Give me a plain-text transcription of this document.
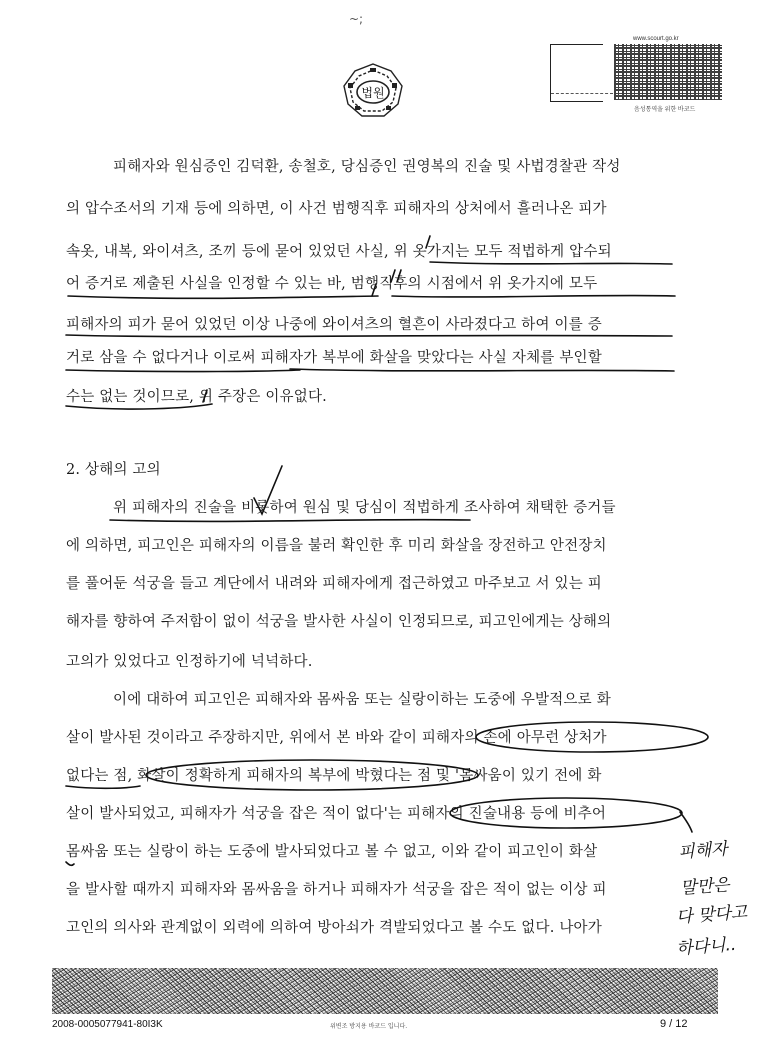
~;
법원
www.scourt.go.kr
음성통역을 위한 바코드
피해자와 원심증인 김덕환, 송철호, 당심증인 권영복의 진술 및 사법경찰관 작성
의 압수조서의 기재 등에 의하면, 이 사건 범행직후 피해자의 상처에서 흘러나온 피가
속옷, 내복, 와이셔츠, 조끼 등에 묻어 있었던 사실, 위 옷가지는 모두 적법하게 압수되
어 증거로 제출된 사실을 인정할 수 있는 바, 범행직후의 시점에서 위 옷가지에 모두
피해자의 피가 묻어 있었던 이상 나중에 와이셔츠의 혈흔이 사라졌다고 하여 이를 증
거로 삼을 수 없다거나 이로써 피해자가 복부에 화살을 맞았다는 사실 자체를 부인할
수는 없는 것이므로, 위 주장은 이유없다.
2. 상해의 고의
위 피해자의 진술을 비롯하여 원심 및 당심이 적법하게 조사하여 채택한 증거들
에 의하면, 피고인은 피해자의 이름을 불러 확인한 후 미리 화살을 장전하고 안전장치
를 풀어둔 석궁을 들고 계단에서 내려와 피해자에게 접근하였고 마주보고 서 있는 피
해자를 향하여 주저함이 없이 석궁을 발사한 사실이 인정되므로, 피고인에게는 상해의
고의가 있었다고 인정하기에 넉넉하다.
이에 대하여 피고인은 피해자와 몸싸움 또는 실랑이하는 도중에 우발적으로 화
살이 발사된 것이라고 주장하지만, 위에서 본 바와 같이 피해자의 손에 아무런 상처가
없다는 점, 화살이 정확하게 피해자의 복부에 박혔다는 점 및 '몸싸움이 있기 전에 화
살이 발사되었고, 피해자가 석궁을 잡은 적이 없다'는 피해자의 진술내용 등에 비추어
몸싸움 또는 실랑이 하는 도중에 발사되었다고 볼 수 없고, 이와 같이 피고인이 화살
을 발사할 때까지 피해자와 몸싸움을 하거나 피해자가 석궁을 잡은 적이 없는 이상 피
고인의 의사와 관계없이 외력에 의하여 방아쇠가 격발되었다고 볼 수도 없다. 나아가
피해자
말만은
다 맞다고
하다니..
2008-0005077941-80I3K	위변조 방지용 바코드 입니다.	9 / 12
